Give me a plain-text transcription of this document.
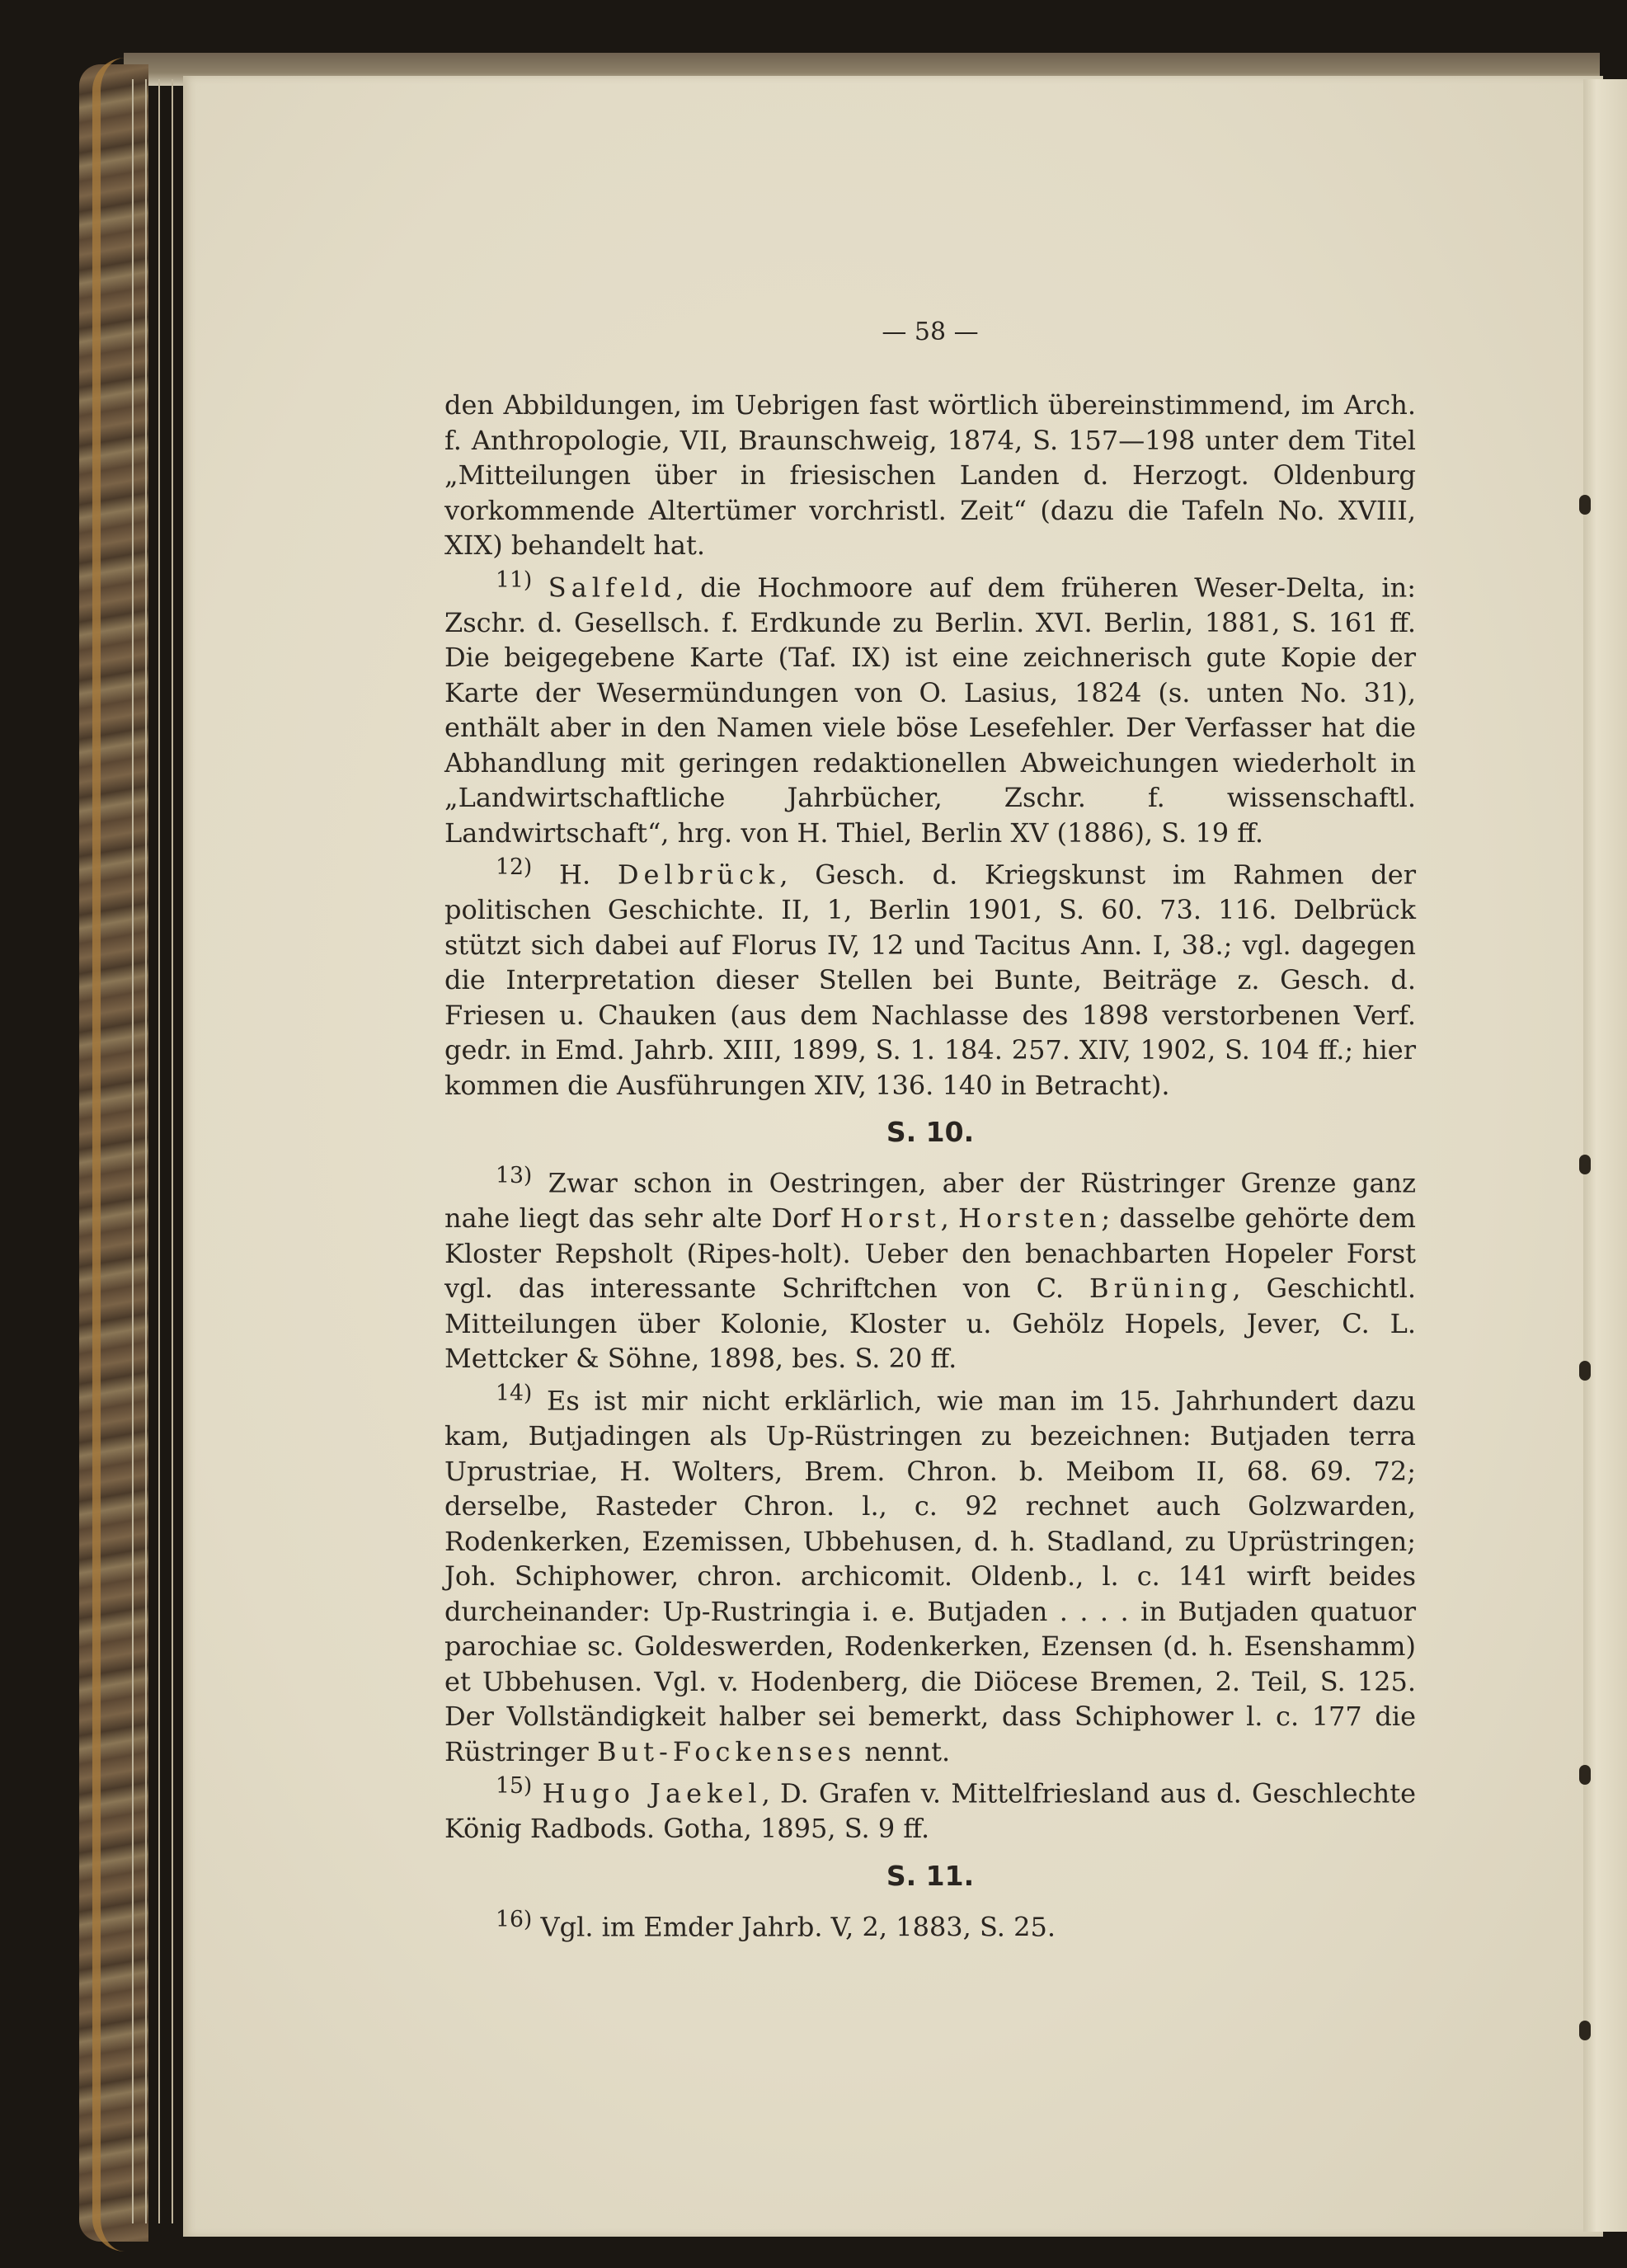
— 58 —

den Abbildungen, im Uebrigen fast wörtlich übereinstimmend, im Arch. f. Anthropologie, VII, Braunschweig, 1874, S. 157—198 unter dem Titel „Mitteilungen über in friesischen Landen d. Herzogt. Oldenburg vorkommende Altertümer vorchristl. Zeit“ (dazu die Tafeln No. XVIII, XIX) behandelt hat.

$^{11)}$ Salfeld, die Hochmoore auf dem früheren Weser-Delta, in: Zschr. d. Gesellsch. f. Erdkunde zu Berlin. XVI. Berlin, 1881, S. 161 ff. Die beigegebene Karte (Taf. IX) ist eine zeichnerisch gute Kopie der Karte der Wesermündungen von O. Lasius, 1824 (s. unten No. 31), enthält aber in den Namen viele böse Lesefehler. Der Verfasser hat die Abhandlung mit geringen redaktionellen Abweichungen wiederholt in „Landwirtschaftliche Jahrbücher, Zschr. f. wissenschaftl. Landwirtschaft“, hrg. von H. Thiel, Berlin XV (1886), S. 19 ff.

$^{12)}$ H. Delbrück, Gesch. d. Kriegskunst im Rahmen der politischen Geschichte. II, 1, Berlin 1901, S. 60. 73. 116. Delbrück stützt sich dabei auf Florus IV, 12 und Tacitus Ann. I, 38.; vgl. dagegen die Interpretation dieser Stellen bei Bunte, Beiträge z. Gesch. d. Friesen u. Chauken (aus dem Nachlasse des 1898 verstorbenen Verf. gedr. in Emd. Jahrb. XIII, 1899, S. 1. 184. 257. XIV, 1902, S. 104 ff.; hier kommen die Ausführungen XIV, 136. 140 in Betracht).

S. 10.

$^{13)}$ Zwar schon in Oestringen, aber der Rüstringer Grenze ganz nahe liegt das sehr alte Dorf Horst, Horsten; dasselbe gehörte dem Kloster Repsholt (Ripes-holt). Ueber den benachbarten Hopeler Forst vgl. das interessante Schriftchen von C. Brüning, Geschichtl. Mitteilungen über Kolonie, Kloster u. Gehölz Hopels, Jever, C. L. Mettcker & Söhne, 1898, bes. S. 20 ff.

$^{14)}$ Es ist mir nicht erklärlich, wie man im 15. Jahrhundert dazu kam, Butjadingen als Up-Rüstringen zu bezeichnen: Butjaden terra Uprustriae, H. Wolters, Brem. Chron. b. Meibom II, 68. 69. 72; derselbe, Rasteder Chron. l., c. 92 rechnet auch Golzwarden, Rodenkerken, Ezemissen, Ubbehusen, d. h. Stadland, zu Uprüstringen; Joh. Schiphower, chron. archicomit. Oldenb., l. c. 141 wirft beides durcheinander: Up-Rustringia i. e. Butjaden . . . . in Butjaden quatuor parochiae sc. Goldeswerden, Rodenkerken, Ezensen (d. h. Esenshamm) et Ubbehusen. Vgl. v. Hodenberg, die Diöcese Bremen, 2. Teil, S. 125. Der Vollständigkeit halber sei bemerkt, dass Schiphower l. c. 177 die Rüstringer But-Fockenses nennt.

$^{15)}$ Hugo Jaekel, D. Grafen v. Mittelfriesland aus d. Geschlechte König Radbods. Gotha, 1895, S. 9 ff.

S. 11.

$^{16)}$ Vgl. im Emder Jahrb. V, 2, 1883, S. 25.
